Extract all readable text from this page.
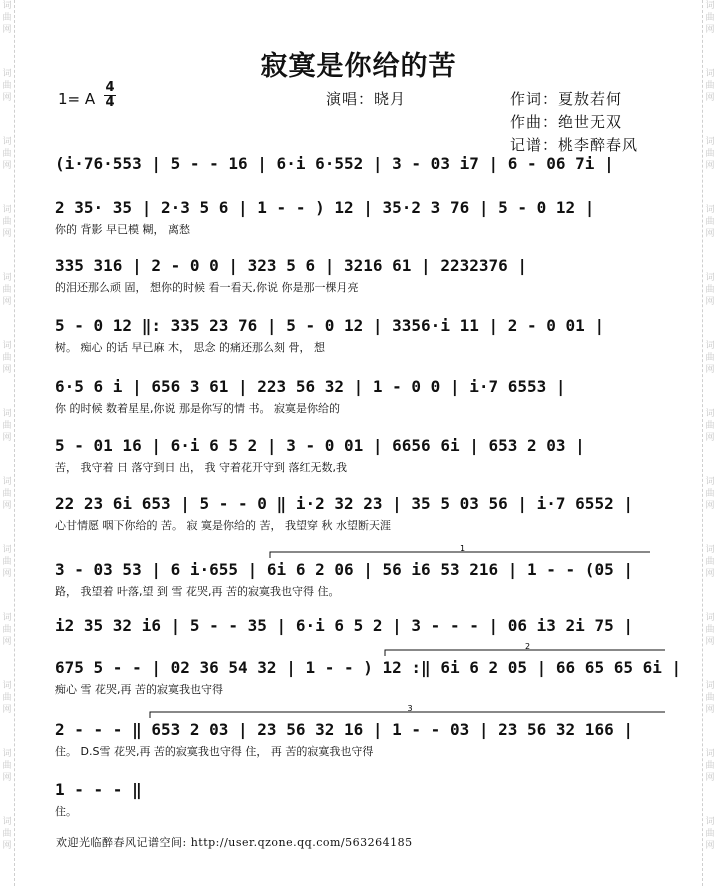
词
曲
网
词
曲
网
词
曲
网
词
曲
网
词
曲
网
词
曲
网
词
曲
网
词
曲
网
词
曲
网
词
曲
网
词
曲
网
词
曲
网
词
曲
网
词
曲
网
词
曲
网
词
曲
网
词
曲
网
词
曲
网
词
曲
网
词
曲
网
词
曲
网
词
曲
网
词
曲
网
词
曲
网
词
曲
网
词
曲
网
寂寞是你给的苦
1= A
4
4	演唱：晓月	作词：夏敖若何
作曲：绝世无双
记谱：桃李醉春风
(i·76·553 | 5 - - 16 | 6·i 6·552 | 3 - 03 i7 | 6 - 06 7i |
2 35· 35 | 2·3 5 6 | 1 - - ) 12 | 35·2 3 76 | 5 - 0 12 |
你的 背影 早已模 糊， 离愁
335 316 | 2 - 0 0 | 323 5 6 | 3216 61 | 2232376 |
的泪还那么顽 固， 想你的时候 看一看天,你说 你是那一棵月亮
5 - 0 12 ‖: 335 23 76 | 5 - 0 12 | 3356·i 11 | 2 - 0 01 |
树。 痴心 的话 早已麻 木， 思念 的痛还那么刻 骨， 想
6·5 6 i | 656 3 61 | 223 56 32 | 1 - 0 0 | i·7 6553 |
你 的时候 数着星星,你说 那是你写的情 书。 寂寞是你给的
5 - 01 16 | 6·i 6 5 2 | 3 - 0 01 | 6656 6i | 653 2 03 |
苦， 我守着 日 落守到日 出， 我 守着花开守到 落红无数,我
22 23 6i 653 | 5 - - 0 ‖ i·2 32 23 | 35 5 03 56 | i·7 6552 |
心甘情愿 咽下你给的 苦。 寂 寞是你给的 苦， 我望穿 秋 水望断天涯
3 - 03 53 | 6 i·655 | 6i 6 2 06 | 56 i6 53 216 | 1 - - (05 |
路， 我望着 叶落,望 到 雪 花哭,再 苦的寂寞我也守得 住。
1
i2 35 32 i6 | 5 - - 35 | 6·i 6 5 2 | 3 - - - | 06 i3 2i 75 |
675 5 - - | 02 36 54 32 | 1 - - ) 12 :‖ 6i 6 2 05 | 66 65 65 6i |
痴心 雪 花哭,再 苦的寂寞我也守得
2
2 - - - ‖ 653 2 03 | 23 56 32 16 | 1 - - 03 | 23 56 32 166 |
住。 D.S雪 花哭,再 苦的寂寞我也守得 住， 再 苦的寂寞我也守得
3
1 - - - ‖
住。
欢迎光临醉春风记谱空间: http://user.qzone.qq.com/563264185
